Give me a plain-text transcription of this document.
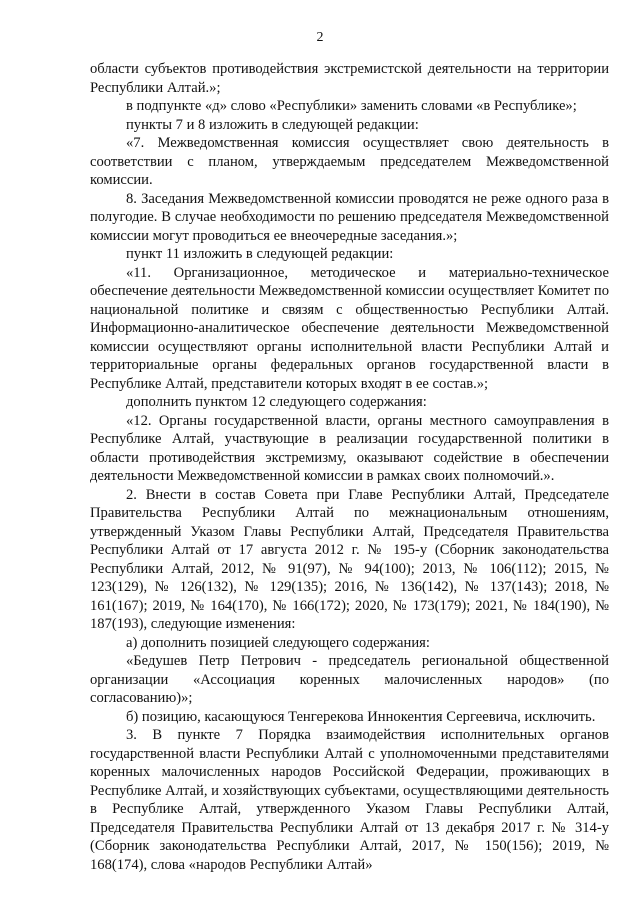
2

области субъектов противодействия экстремистской деятельности на территории Республики Алтай.»;

в подпункте «д» слово «Республики» заменить словами «в Республике»;

пункты 7 и 8 изложить в следующей редакции:

«7. Межведомственная комиссия осуществляет свою деятельность в соответствии с планом, утверждаемым председателем Межведомственной комиссии.

8. Заседания Межведомственной комиссии проводятся не реже одного раза в полугодие. В случае необходимости по решению председателя Межведомственной комиссии могут проводиться ее внеочередные заседания.»;

пункт 11 изложить в следующей редакции:

«11. Организационное, методическое и материально-техническое обеспечение деятельности Межведомственной комиссии осуществляет Комитет по национальной политике и связям с общественностью Республики Алтай. Информационно-аналитическое обеспечение деятельности Межведомственной комиссии осуществляют органы исполнительной власти Республики Алтай и территориальные органы федеральных органов государственной власти в Республике Алтай, представители которых входят в ее состав.»;

дополнить пунктом 12 следующего содержания:

«12. Органы государственной власти, органы местного самоуправления в Республике Алтай, участвующие в реализации государственной политики в области противодействия экстремизму, оказывают содействие в обеспечении деятельности Межведомственной комиссии в рамках своих полномочий.».

2. Внести в состав Совета при Главе Республики Алтай, Председателе Правительства Республики Алтай по межнациональным отношениям, утвержденный Указом Главы Республики Алтай, Председателя Правительства Республики Алтай от 17 августа 2012 г. № 195-у (Сборник законодательства Республики Алтай, 2012, № 91(97), № 94(100); 2013, № 106(112); 2015, № 123(129), № 126(132), № 129(135); 2016, № 136(142), № 137(143); 2018, № 161(167); 2019, № 164(170), № 166(172); 2020, № 173(179); 2021, № 184(190), № 187(193), следующие изменения:

а) дополнить позицией следующего содержания:

«Бедушев Петр Петрович - председатель региональной общественной организации «Ассоциация коренных малочисленных народов» (по согласованию)»;

б) позицию, касающуюся Тенгерекова Иннокентия Сергеевича, исключить.

3. В пункте 7 Порядка взаимодействия исполнительных органов государственной власти Республики Алтай с уполномоченными представителями коренных малочисленных народов Российской Федерации, проживающих в Республике Алтай, и хозяйствующих субъектами, осуществляющими деятельность в Республике Алтай, утвержденного Указом Главы Республики Алтай, Председателя Правительства Республики Алтай от 13 декабря 2017 г. № 314-у (Сборник законодательства Республики Алтай, 2017, № 150(156); 2019, № 168(174), слова «народов Республики Алтай»
